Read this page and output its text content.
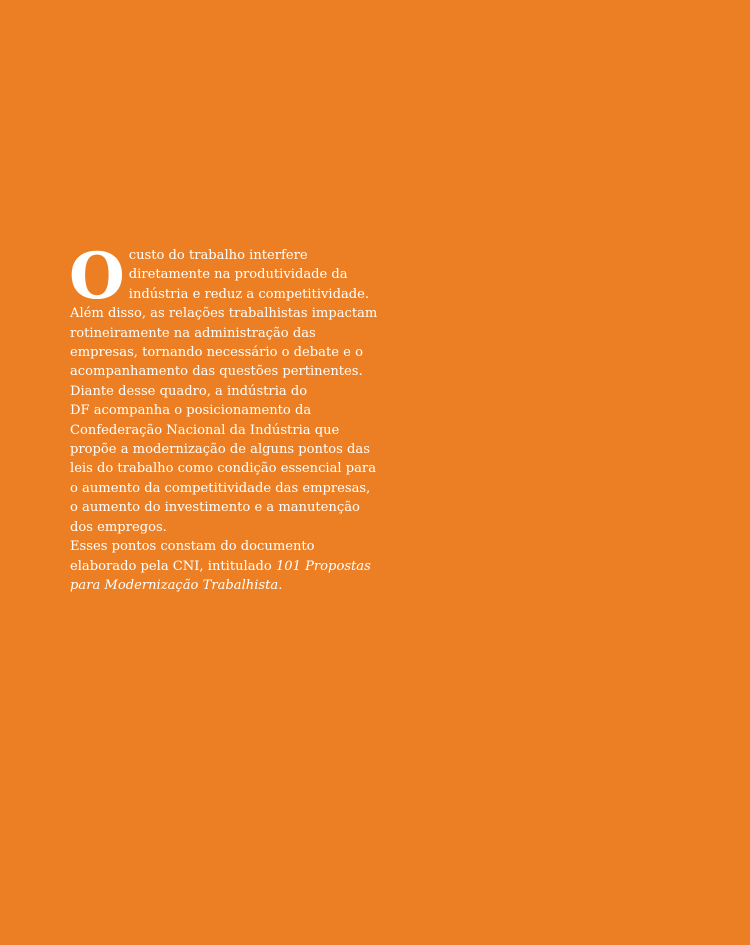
O custo do trabalho interfere
diretamente na produtividade da
indústria e reduz a competitividade.
Além disso, as relações trabalhistas impactam
rotineiramente na administração das
empresas, tornando necessário o debate e o
acompanhamento das questões pertinentes.
Diante desse quadro, a indústria do
DF acompanha o posicionamento da
Confederação Nacional da Indústria que
propõe a modernização de alguns pontos das
leis do trabalho como condição essencial para
o aumento da competitividade das empresas,
o aumento do investimento e a manutenção
dos empregos.
Esses pontos constam do documento
elaborado pela CNI, intitulado 101 Propostas
para Modernização Trabalhista.
